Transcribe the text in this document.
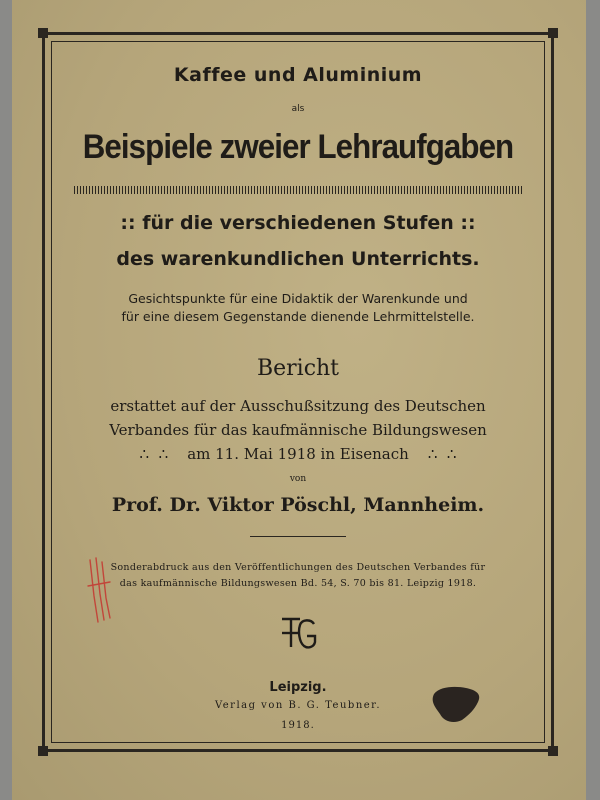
Kaffee und Aluminium
als
Beispiele zweier Lehraufgaben
:: für die verschiedenen Stufen ::
des warenkundlichen Unterrichts.
Gesichtspunkte für eine Didaktik der Warenkunde und
für eine diesem Gegenstande dienende Lehrmittelstelle.
Bericht
erstattet auf der Ausschußsitzung des Deutschen
Verbandes für das kaufmännische Bildungswesen
∴  ∴    am 11. Mai 1918 in Eisenach    ∴  ∴
von
Prof. Dr. Viktor Pöschl, Mannheim.
Sonderabdruck aus den Veröffentlichungen des Deutschen Verbandes für
das kaufmännische Bildungswesen Bd. 54, S. 70 bis 81. Leipzig 1918.
Leipzig.
Verlag von B. G. Teubner.
1918.
